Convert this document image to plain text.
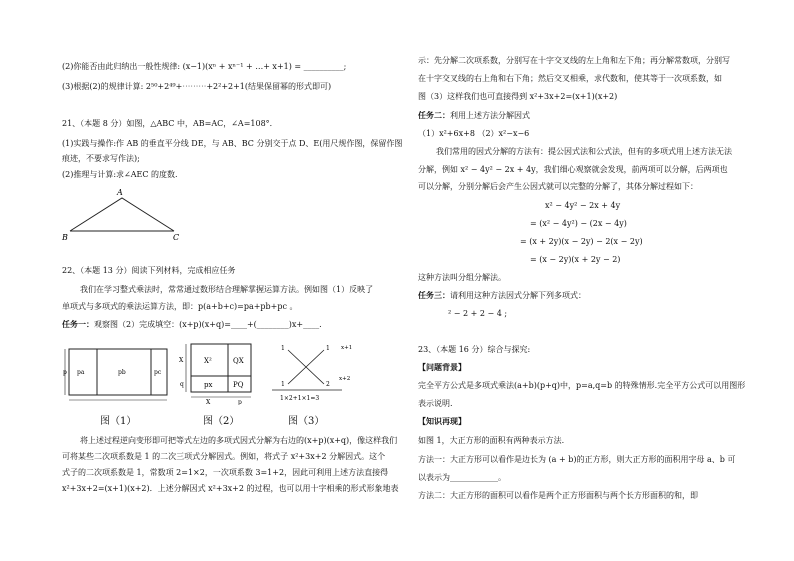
(2)你能否由此归纳出一般性规律: (x−1)(xⁿ + xⁿ⁻¹ + …+ x+1) = __________;
(3)根据(2)的规律计算: 2⁵⁰+2⁴⁹+⋯⋯⋯+2²+2+1(结果保留幂的形式即可)
21、（本题 8 分）如图，△ABC 中，AB=AC，∠A=108°．
(1)实践与操作:作 AB 的垂直平分线 DE，与 AB、BC 分别交于点 D、E(用尺规作图，保留作图
痕迹，不要求写作法);
(2)推理与计算:求∠AEC 的度数.
A
B	C
22、（本题 13 分）阅读下列材料，完成相应任务
我们在学习整式乘法时，常常通过数形结合理解掌握运算方法。例如图（1）反映了
单项式与多项式的乘法运算方法，即：p(a+b+c)=pa+pb+pc 。
任务一：观察图（2）完成填空：(x+p)(x+q)=____+(________)x+____.
p pa	pb	pc
图（1）
X
q
X²	QX
px	PQ
X	p
图（2）
1	1
1	2
x+1
x+2
1×2+1×1=3
图（3）
将上述过程逆向变形即可把等式左边的多项式因式分解为右边的(x+p)(x+q)，像这样我们
可将某些二次项系数是 1 的二次三项式分解因式。例如，将式子 x²+3x+2 分解因式。这个
式子的二次项系数是 1，常数项 2=1×2，一次项系数 3=1+2，因此可利用上述方法直接得
x²+3x+2=(x+1)(x+2)．上述分解因式 x²+3x+2 的过程，也可以用十字相乘的形式形象地表
示：先分解二次项系数，分别写在十字交叉线的左上角和左下角；再分解常数项，分别写
在十字交叉线的右上角和右下角；然后交叉相乘，求代数和，使其等于一次项系数，如
图（3）这样我们也可直接得到 x²+3x+2=(x+1)(x+2)
任务二：利用上述方法分解因式
（1）x²+6x+8 （2）x²−x−6
我们常用的因式分解的方法有：提公因式法和公式法，但有的多项式用上述方法无法
分解，例如 x² − 4y² − 2x + 4y，我们细心观察就会发现，前两项可以分解，后两项也
可以分解，分别分解后会产生公因式就可以完整的分解了，其体分解过程如下：
x² − 4y² − 2x + 4y
= (x² − 4y²) − (2x − 4y)
= (x + 2y)(x − 2y) − 2(x − 2y)
= (x − 2y)(x + 2y − 2)
这种方法叫分组分解法。
任务三：请利用这种方法因式分解下列多项式：
² − 2 + 2 − 4 ;
23、（本题 16 分）综合与探究:
【问题背景】
完全平方公式是多项式乘法(a+b)(p+q)中，p=a,q=b 的特殊情形.完全平方公式可以用图形
表示说明.
【知识再现】
如图 1，大正方形的面积有两种表示方法.
方法一：大正方形可以看作是边长为 (a + b)的正方形，则大正方形的面积用字母 a、b 可
以表示为____________。
方法二：大正方形的面积可以看作是两个正方形面积与两个长方形面积的和，即
